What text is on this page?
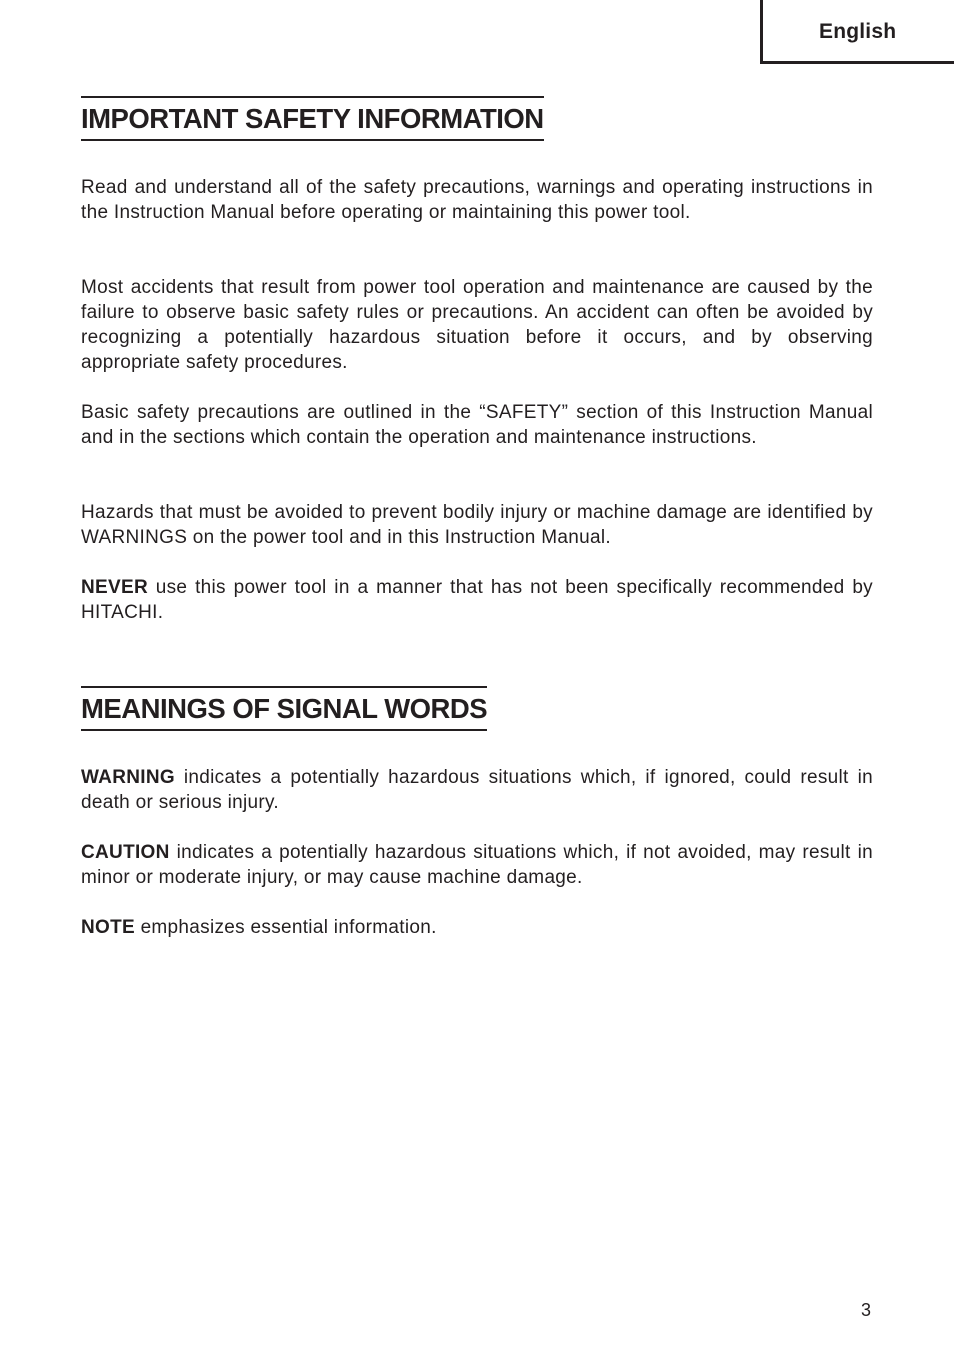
English
IMPORTANT SAFETY INFORMATION

Read and understand all of the safety precautions, warnings and operating instructions in the Instruction Manual before operating or maintaining this power tool.

Most accidents that result from power tool operation and maintenance are caused by the failure to observe basic safety rules or precautions. An accident can often be avoided by recognizing a potentially hazardous situation before it occurs, and by observing appropriate safety procedures.

Basic safety precautions are outlined in the “SAFETY” section of this Instruction Manual and in the sections which contain the operation and maintenance instructions.

Hazards that must be avoided to prevent bodily injury or machine damage are identified by WARNINGS on the power tool and in this Instruction Manual.

NEVER use this power tool in a manner that has not been specifically recommended by HITACHI.

MEANINGS OF SIGNAL WORDS

WARNING indicates a potentially hazardous situations which, if ignored, could result in death or serious injury.

CAUTION indicates a potentially hazardous situations which, if not avoided, may result in minor or moderate injury, or may cause machine damage.

NOTE emphasizes essential information.

3
